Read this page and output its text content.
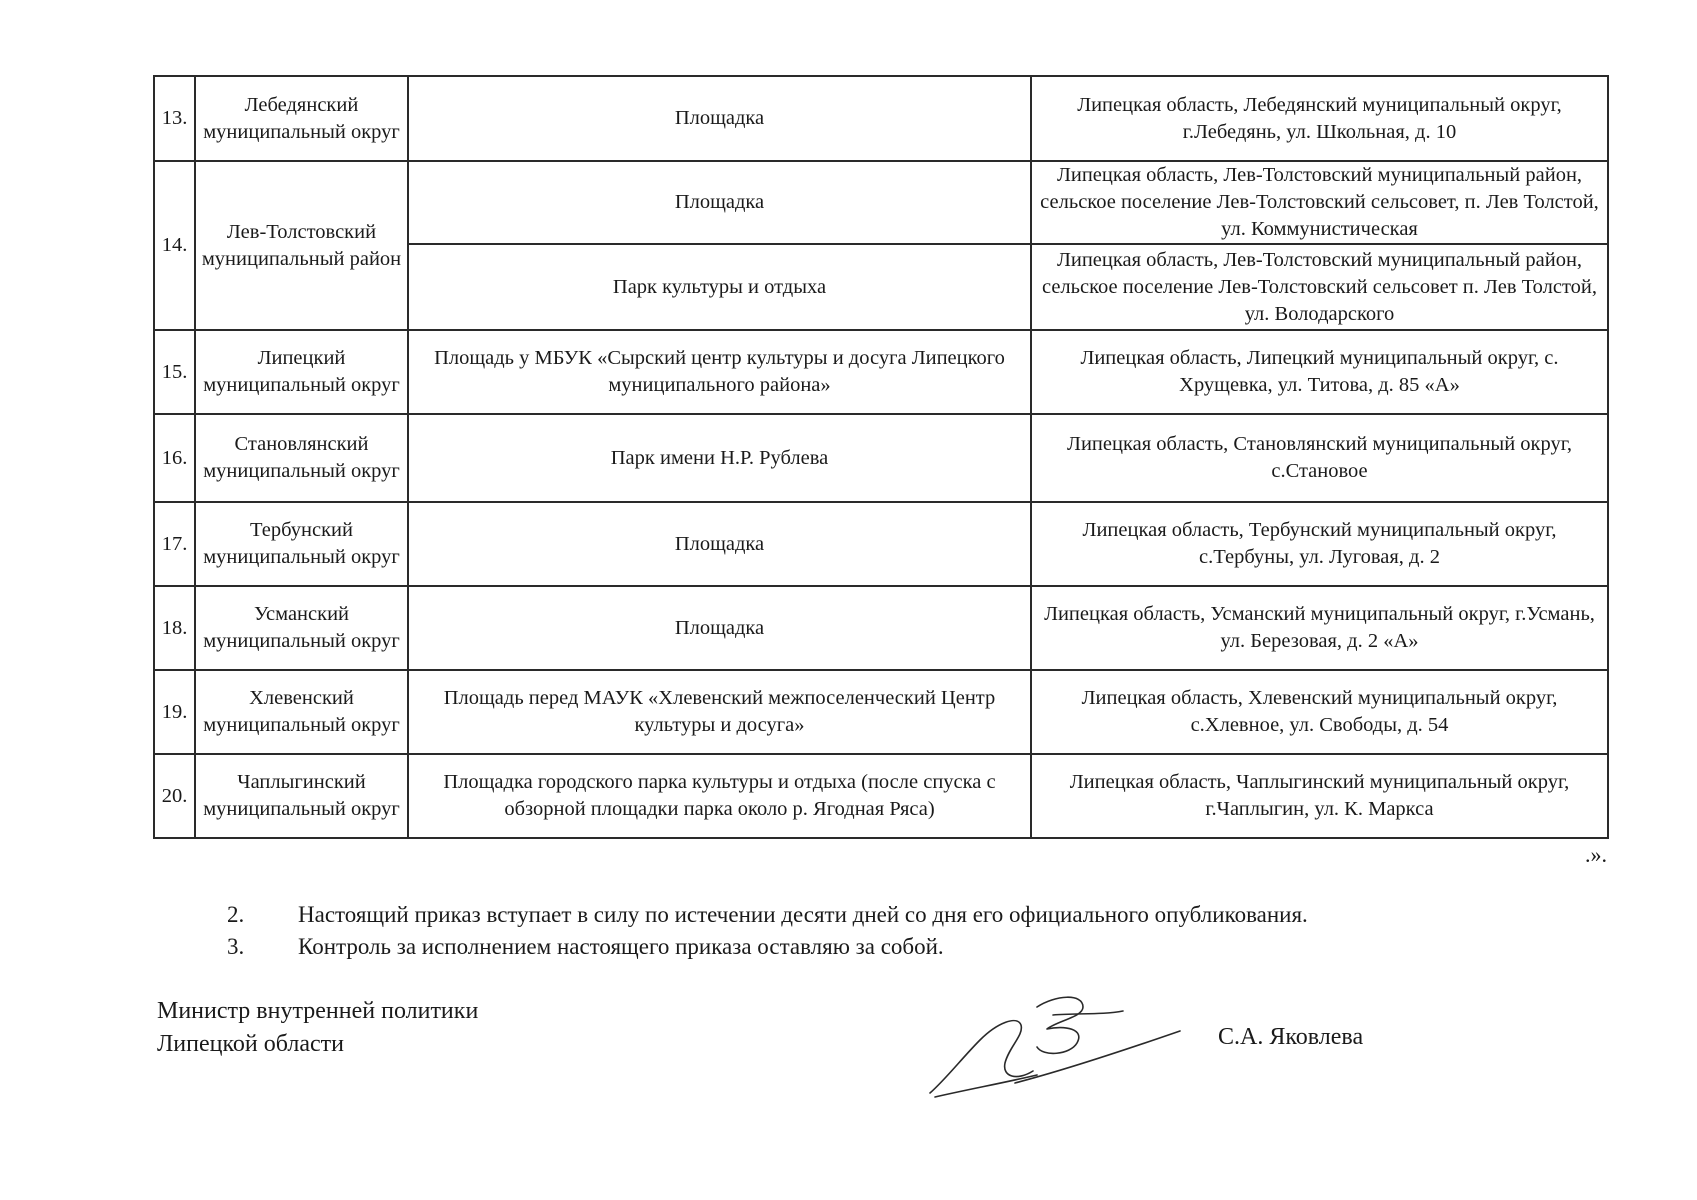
13.	Лебедянский муниципальный округ	Площадка	Липецкая область, Лебедянский муниципальный округ, г.Лебедянь, ул. Школьная, д. 10
14.	Лев-Толстовский муниципальный район	Площадка	Липецкая область, Лев-Толстовский муниципальный район, сельское поселение Лев-Толстовский сельсовет, п. Лев Толстой, ул. Коммунистическая
		Парк культуры и отдыха	Липецкая область, Лев-Толстовский муниципальный район, сельское поселение Лев-Толстовский сельсовет п. Лев Толстой, ул. Володарского
15.	Липецкий муниципальный округ	Площадь у МБУК «Сырский центр культуры и досуга Липецкого муниципального района»	Липецкая область, Липецкий муниципальный округ, с. Хрущевка, ул. Титова, д. 85 «А»
16.	Становлянский муниципальный округ	Парк имени Н.Р. Рублева	Липецкая область, Становлянский муниципальный округ, с.Становое
17.	Тербунский муниципальный округ	Площадка	Липецкая область, Тербунский муниципальный округ, с.Тербуны, ул. Луговая, д. 2
18.	Усманский муниципальный округ	Площадка	Липецкая область, Усманский муниципальный округ, г.Усмань, ул. Березовая, д. 2 «А»
19.	Хлевенский муниципальный округ	Площадь перед МАУК «Хлевенский межпоселенческий Центр культуры и досуга»	Липецкая область, Хлевенский муниципальный округ, с.Хлевное, ул. Свободы, д. 54
20.	Чаплыгинский муниципальный округ	Площадка городского парка культуры и отдыха (после спуска с обзорной площадки парка около р. Ягодная Ряса)	Липецкая область, Чаплыгинский муниципальный округ, г.Чаплыгин, ул. К. Маркса
.».
2. Настоящий приказ вступает в силу по истечении десяти дней со дня его официального опубликования.
3. Контроль за исполнением настоящего приказа оставляю за собой.
Министр внутренней политики
Липецкой области	С.А. Яковлева
